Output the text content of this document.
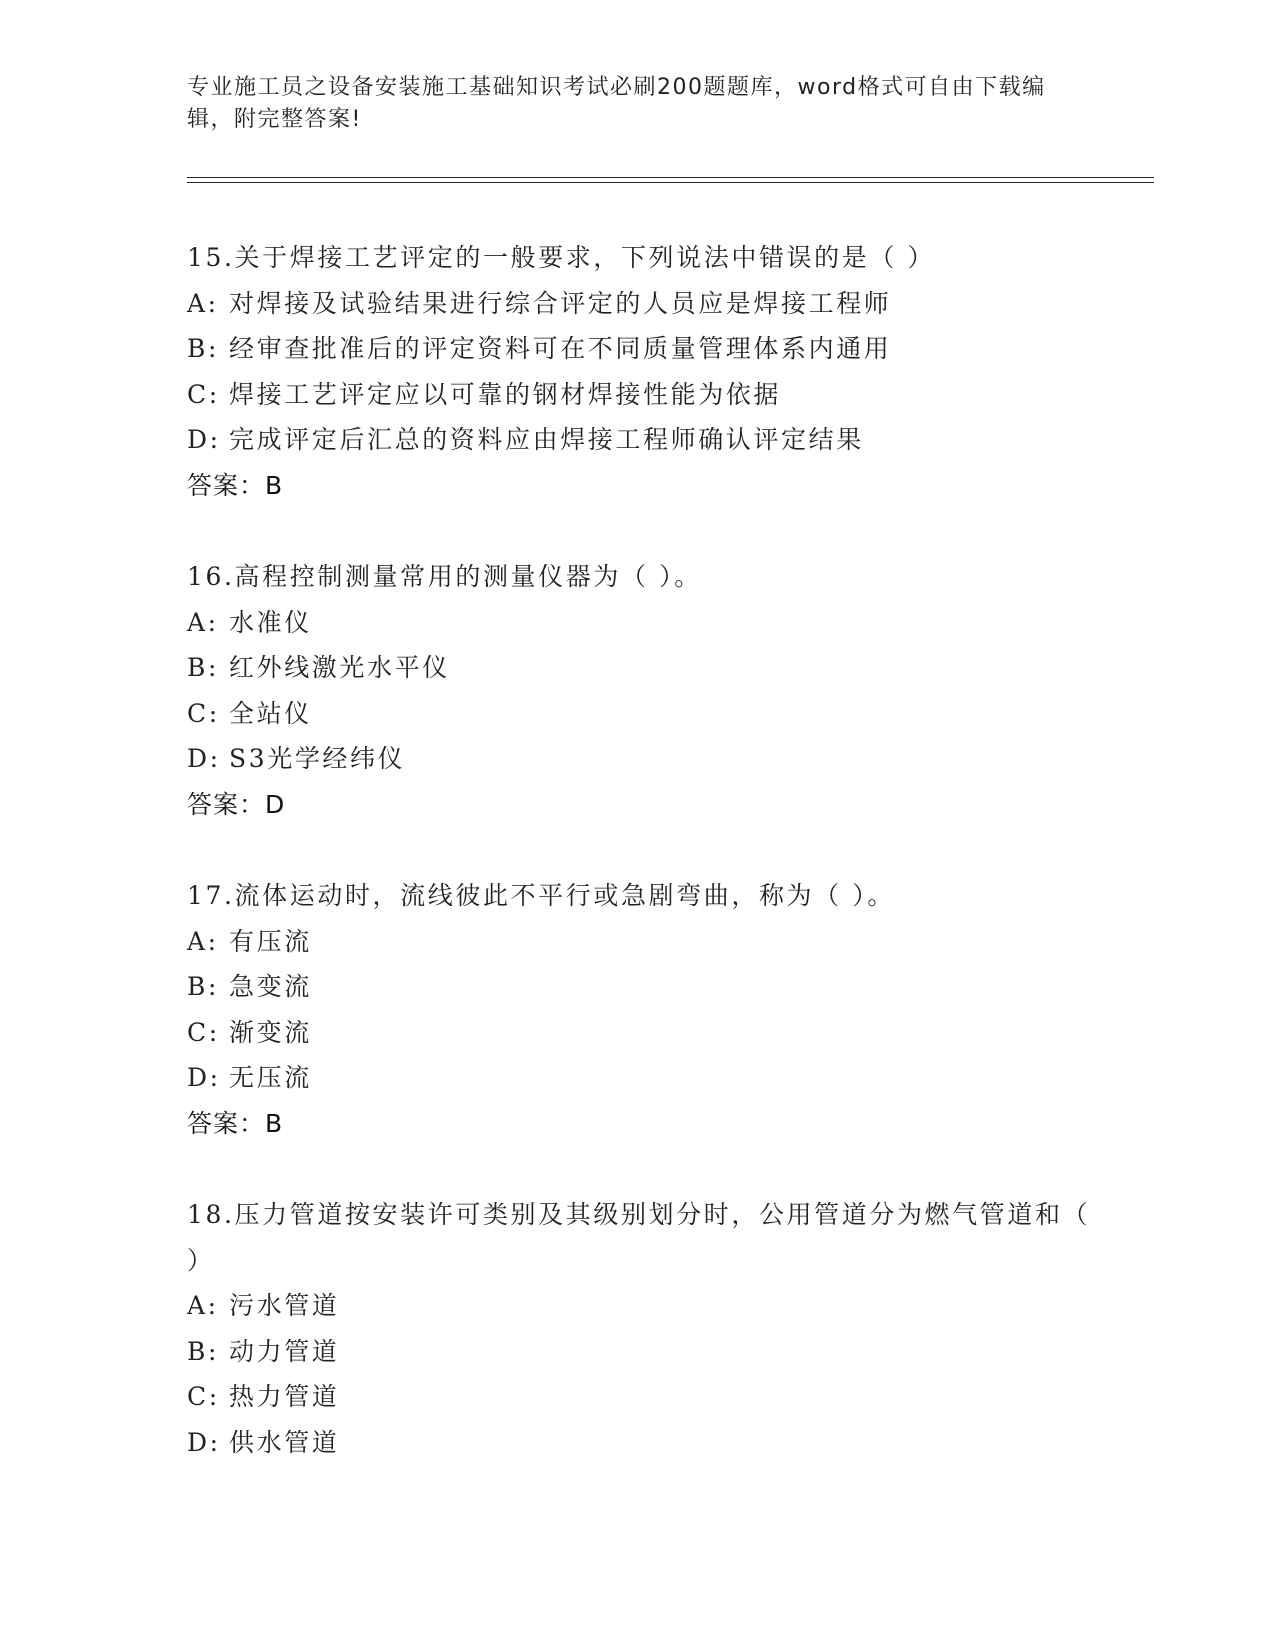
专业施工员之设备安装施工基础知识考试必刷200题题库，word格式可自由下载编辑，附完整答案!
15.关于焊接工艺评定的一般要求，下列说法中错误的是（ ）
A: 对焊接及试验结果进行综合评定的人员应是焊接工程师
B: 经审查批准后的评定资料可在不同质量管理体系内通用
C: 焊接工艺评定应以可靠的钢材焊接性能为依据
D: 完成评定后汇总的资料应由焊接工程师确认评定结果
答案：B
16.高程控制测量常用的测量仪器为（ ）。
A: 水准仪
B: 红外线激光水平仪
C: 全站仪
D: S3光学经纬仪
答案：D
17.流体运动时，流线彼此不平行或急剧弯曲，称为（ ）。
A: 有压流
B: 急变流
C: 渐变流
D: 无压流
答案：B
18.压力管道按安装许可类别及其级别划分时，公用管道分为燃气管道和（ ）
A: 污水管道
B: 动力管道
C: 热力管道
D: 供水管道
